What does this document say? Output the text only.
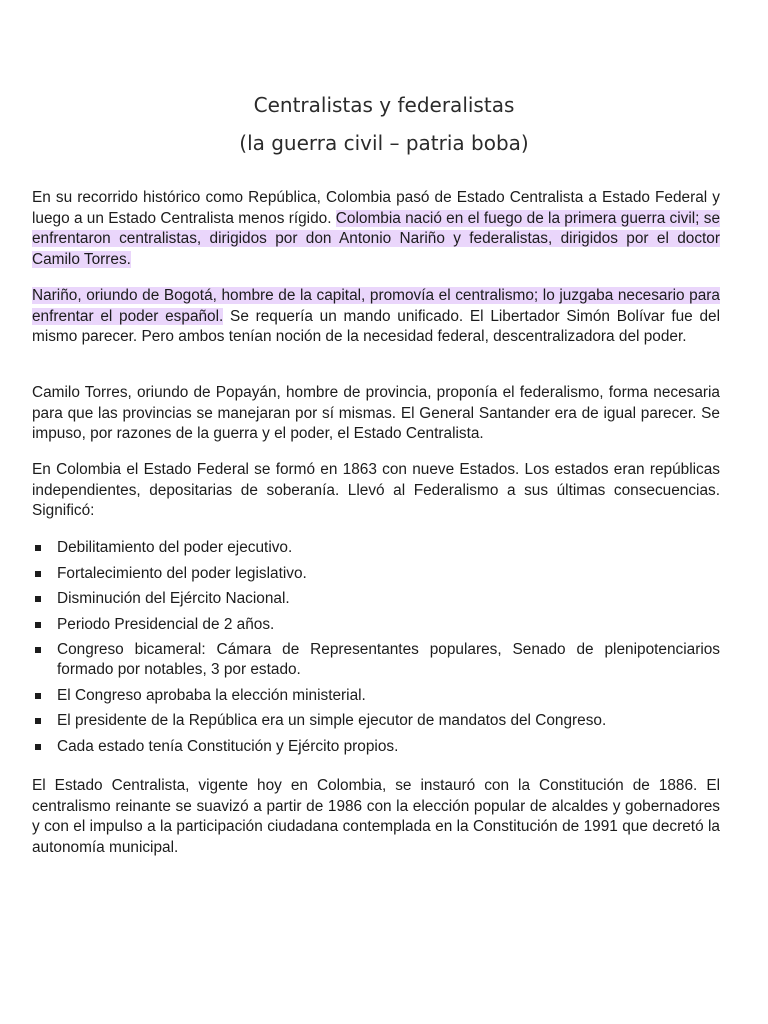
Centralistas y federalistas
(la guerra civil – patria boba)

En su recorrido histórico como República, Colombia pasó de Estado Centralista a Estado Federal y luego a un Estado Centralista menos rígido. Colombia nació en el fuego de la primera guerra civil; se enfrentaron centralistas, dirigidos por don Antonio Nariño y federalistas, dirigidos por el doctor Camilo Torres.

Nariño, oriundo de Bogotá, hombre de la capital, promovía el centralismo; lo juzgaba necesario para enfrentar el poder español. Se requería un mando unificado. El Libertador Simón Bolívar fue del mismo parecer. Pero ambos tenían noción de la necesidad federal, descentralizadora del poder.

Camilo Torres, oriundo de Popayán, hombre de provincia, proponía el federalismo, forma necesaria para que las provincias se manejaran por sí mismas. El General Santander era de igual parecer. Se impuso, por razones de la guerra y el poder, el Estado Centralista.

En Colombia el Estado Federal se formó en 1863 con nueve Estados. Los estados eran repúblicas independientes, depositarias de soberanía. Llevó al Federalismo a sus últimas consecuencias. Significó:

Debilitamiento del poder ejecutivo.
Fortalecimiento del poder legislativo.
Disminución del Ejército Nacional.
Periodo Presidencial de 2 años.
Congreso bicameral: Cámara de Representantes populares, Senado de plenipotenciarios formado por notables, 3 por estado.
El Congreso aprobaba la elección ministerial.
El presidente de la República era un simple ejecutor de mandatos del Congreso.
Cada estado tenía Constitución y Ejército propios.

El Estado Centralista, vigente hoy en Colombia, se instauró con la Constitución de 1886. El centralismo reinante se suavizó a partir de 1986 con la elección popular de alcaldes y gobernadores y con el impulso a la participación ciudadana contemplada en la Constitución de 1991 que decretó la autonomía municipal.
